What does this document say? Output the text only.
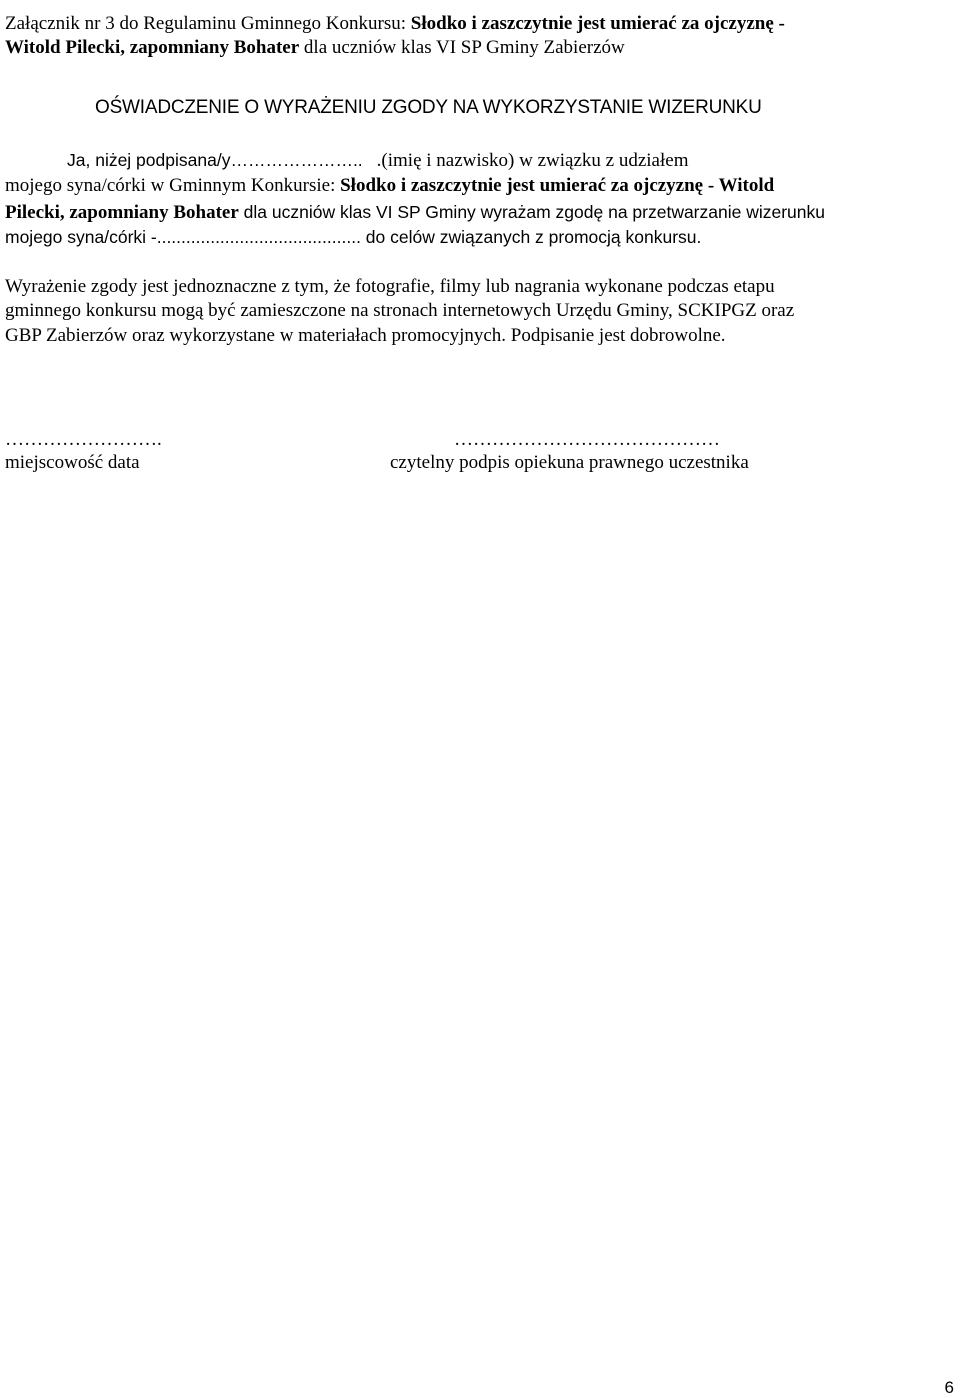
Załącznik nr 3 do Regulaminu Gminnego Konkursu: Słodko i zaszczytnie jest umierać za ojczyznę -
Witold Pilecki, zapomniany Bohater dla uczniów klas VI SP Gminy Zabierzów
OŚWIADCZENIE O WYRAŻENIU ZGODY NA WYKORZYSTANIE WIZERUNKU
Ja, niżej podpisana/y………………….. .(imię i nazwisko) w związku z udziałem
mojego syna/córki w Gminnym Konkursie: Słodko i zaszczytnie jest umierać za ojczyznę - Witold
Pilecki, zapomniany Bohater dla uczniów klas VI SP Gminy wyrażam zgodę na przetwarzanie wizerunku
mojego syna/córki -.......................................... do celów związanych z promocją konkursu.
Wyrażenie zgody jest jednoznaczne z tym, że fotografie, filmy lub nagrania wykonane podczas etapu
gminnego konkursu mogą być zamieszczone na stronach internetowych Urzędu Gminy, SCKIPGZ oraz
GBP Zabierzów oraz wykorzystane w materiałach promocyjnych. Podpisanie jest dobrowolne.
…………………….
miejscowość data
……………………………………
czytelny podpis opiekuna prawnego uczestnika
6
